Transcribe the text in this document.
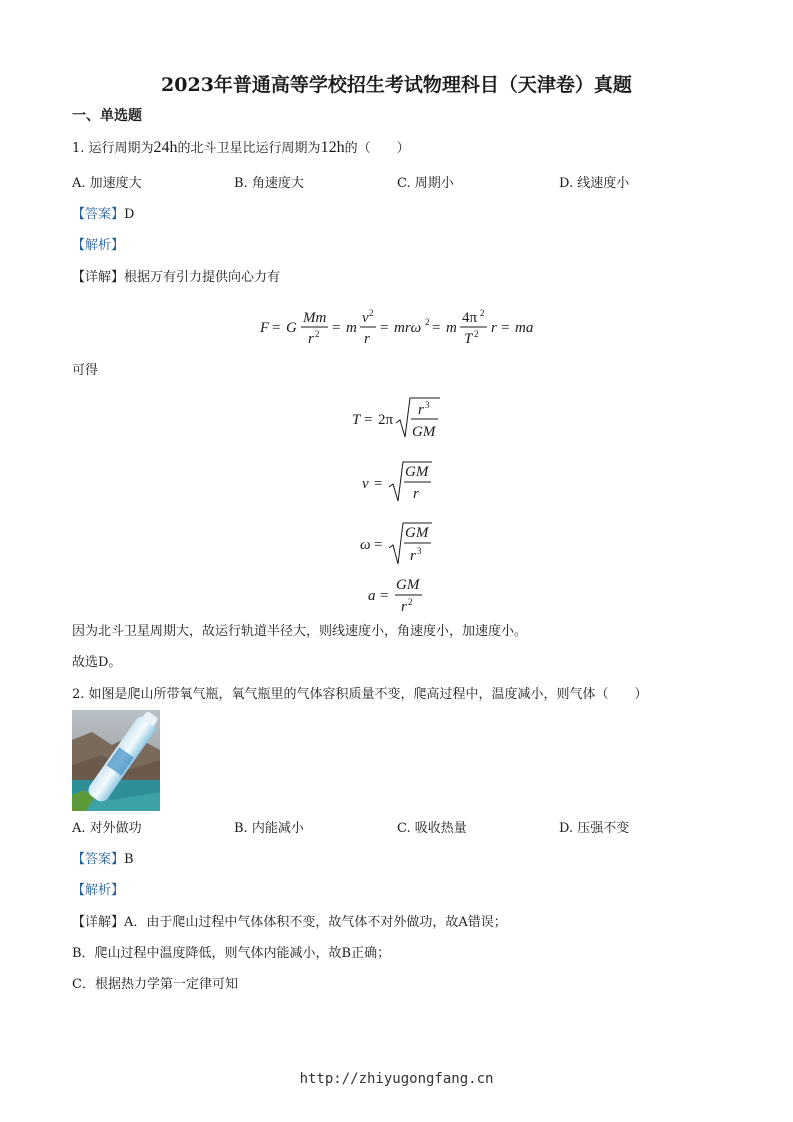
2023年普通高等学校招生考试物理科目（天津卷）真题
一、单选题
1. 运行周期为24h的北斗卫星比运行周期为12h的（　　）
A. 加速度大	B. 角速度大	C. 周期小	D. 线速度小
【答案】D
【解析】
【详解】根据万有引力提供向心力有
F = G
Mm
r 2 = m
v 2
r
= mrω 2 = m
4π 2
T 2 r = ma
可得
T = 2π
r 3
GM
v =
GM
r
ω =
GM
r 3
a =
GM
r 2
因为北斗卫星周期大，故运行轨道半径大，则线速度小，角速度小，加速度小。
故选D。
2. 如图是爬山所带氧气瓶，氧气瓶里的气体容积质量不变，爬高过程中，温度减小，则气体（　　）
A. 对外做功	B. 内能减小	C. 吸收热量	D. 压强不变
【答案】B
【解析】
【详解】A．由于爬山过程中气体体积不变，故气体不对外做功，故A错误；
B．爬山过程中温度降低，则气体内能减小，故B正确；
C．根据热力学第一定律可知
http://zhiyugongfang.cn
